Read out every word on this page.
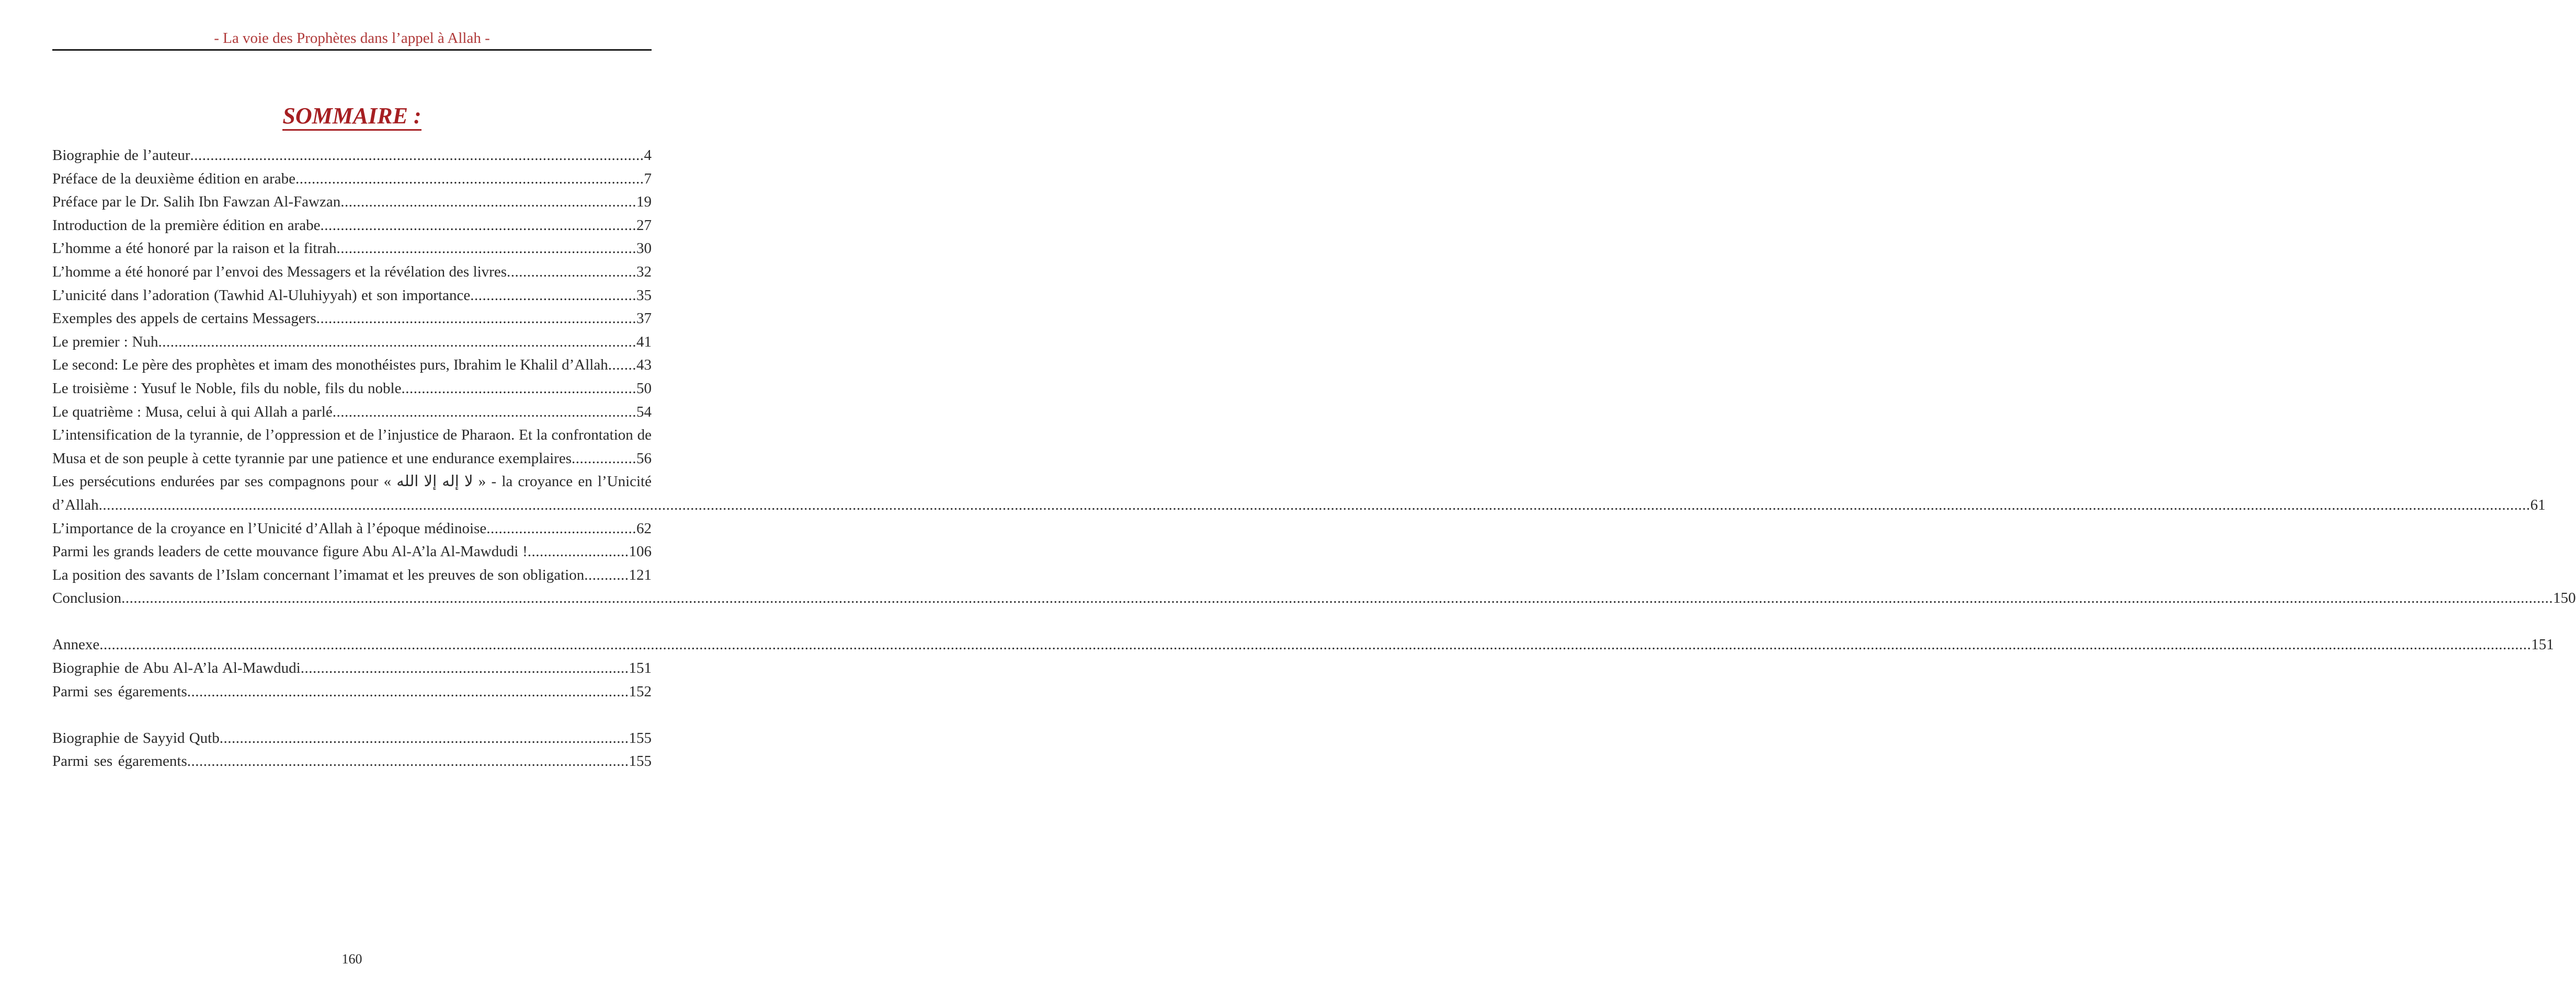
- La voie des Prophètes dans l’appel à Allah -
SOMMAIRE :
Biographie de l’auteur................................................................................................................4
Préface de la deuxième édition en arabe......................................................................................7
Préface par le Dr. Salih Ibn Fawzan Al-Fawzan.........................................................................19
Introduction de la première édition en arabe..............................................................................27
L’homme a été honoré par la raison et la fitrah..........................................................................30
L’homme a été honoré par l’envoi des Messagers et la révélation des livres................................32
L’unicité dans l’adoration (Tawhid Al-Uluhiyyah) et son importance.........................................35
Exemples des appels de certains Messagers...............................................................................37
Le premier : Nuh......................................................................................................................41
Le second: Le père des prophètes et imam des monothéistes purs, Ibrahim le Khalil d’Allah.......43
Le troisième : Yusuf le Noble, fils du noble, fils du noble..........................................................50
Le quatrième : Musa, celui à qui Allah a parlé...........................................................................54
L’intensification de la tyrannie, de l’oppression et de l’injustice de Pharaon. Et la confrontation de Musa et de son peuple à cette tyrannie par une patience et une endurance exemplaires................56
Les persécutions endurées par ses compagnons pour « لا إله إلا الله » - la croyance en l’Unicité d’Allah........................................................................................................................................................................................................................................................................................................................................................................................................................................................................................................................................................................................................................61
L’importance de la croyance en l’Unicité d’Allah à l’époque médinoise.....................................62
Parmi les grands leaders de cette mouvance figure Abu Al-A’la Al-Mawdudi !.........................106
La position des savants de l’Islam concernant l’imamat et les preuves de son obligation...........121
Conclusion........................................................................................................................................................................................................................................................................................................................................................................................................................................................................................................................................................................................................................150
Annexe........................................................................................................................................................................................................................................................................................................................................................................................................................................................................................................................................................................................................................151
Biographie de Abu Al-A’la Al-Mawdudi.................................................................................151
Parmi ses égarements.............................................................................................................152
Biographie de Sayyid Qutb.....................................................................................................155
Parmi ses égarements.............................................................................................................155
160
